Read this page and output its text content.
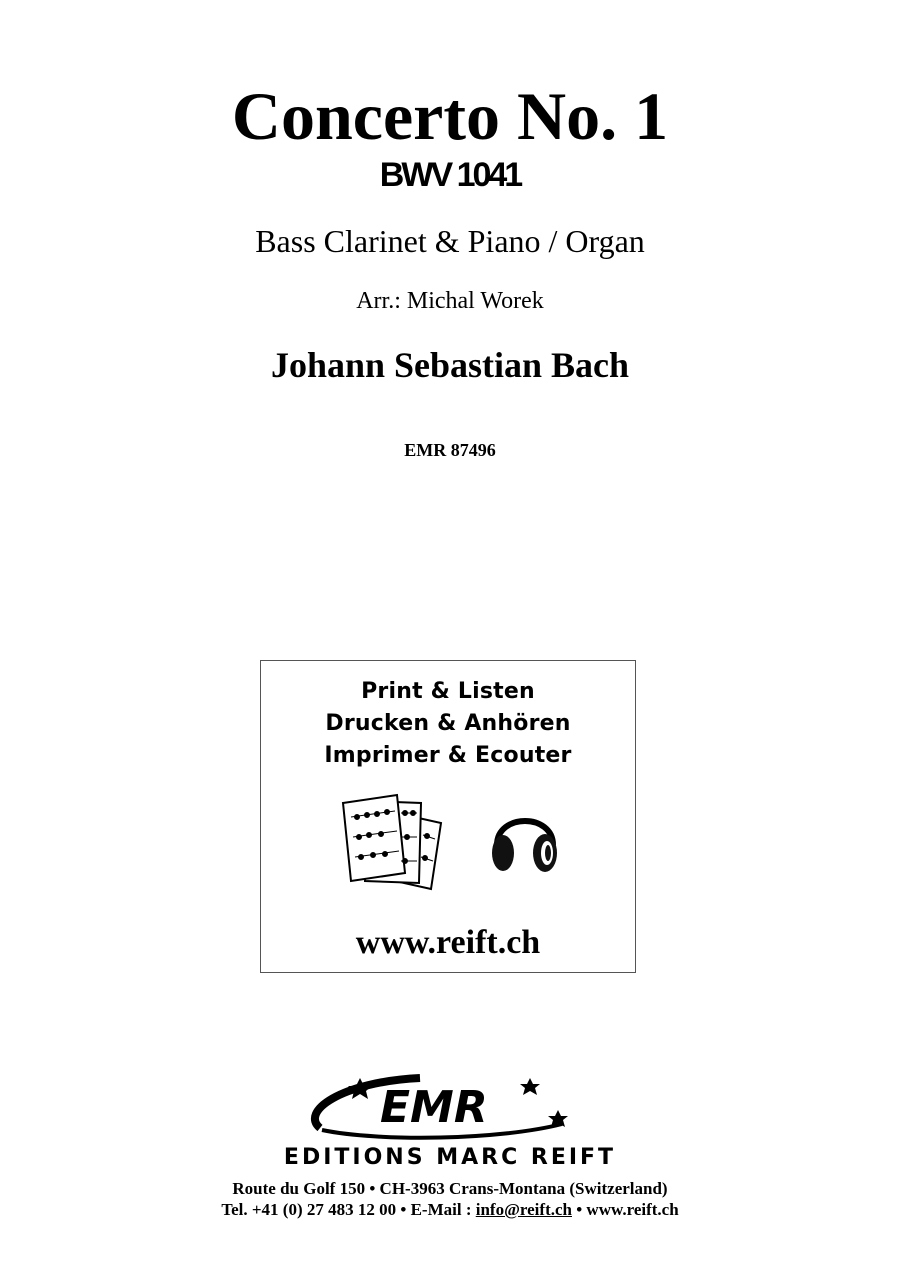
Concerto No. 1
BWV 1041
Bass Clarinet & Piano / Organ
Arr.: Michal Worek
Johann Sebastian Bach
EMR 87496
Print & Listen
Drucken & Anhören
Imprimer & Ecouter
www.reift.ch
EMR
EDITIONS MARC REIFT
Route du Golf 150 • CH-3963 Crans-Montana (Switzerland)
Tel. +41 (0) 27 483 12 00 • E-Mail : info@reift.ch • www.reift.ch
